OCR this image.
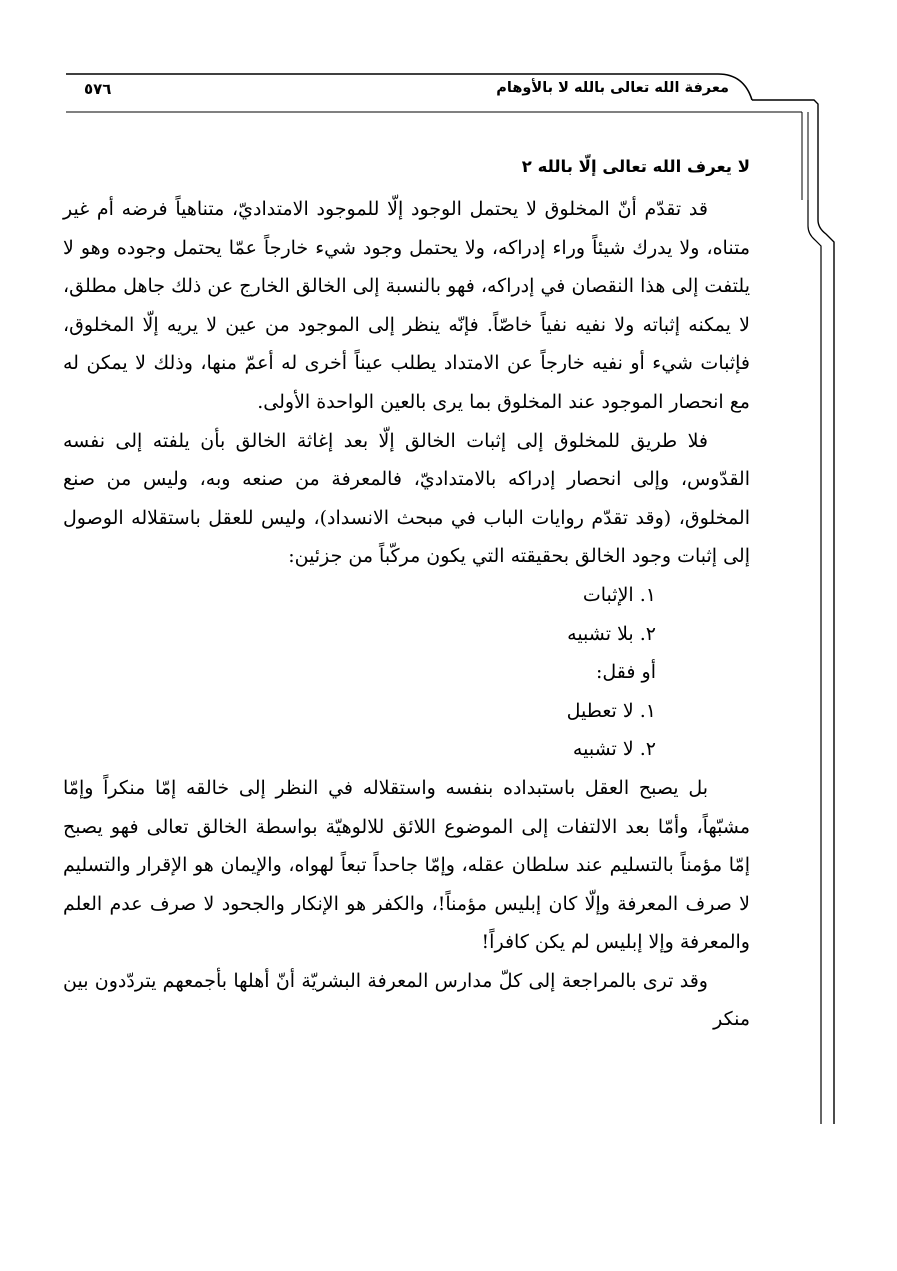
معرفة الله تعالى بالله لا بالأوهام
٥٧٦
لا يعرف الله تعالى إلّا بالله ٢

قد تقدّم أنّ المخلوق لا يحتمل الوجود إلّا للموجود الامتداديّ، متناهياً فرضه أم غير متناه، ولا يدرك شيئاً وراء إدراكه، ولا يحتمل وجود شيء خارجاً عمّا يحتمل وجوده وهو لا يلتفت إلى هذا النقصان في إدراكه، فهو بالنسبة إلى الخالق الخارج عن ذلك جاهل مطلق، لا يمكنه إثباته ولا نفيه نفياً خاصّاً. فإنّه ينظر إلى الموجود من عين لا يريه إلّا المخلوق، فإثبات شيء أو نفيه خارجاً عن الامتداد يطلب عيناً أخرى له أعمّ منها، وذلك لا يمكن له مع انحصار الموجود عند المخلوق بما يرى بالعين الواحدة الأولى.

فلا طريق للمخلوق إلى إثبات الخالق إلّا بعد إغاثة الخالق بأن يلفته إلى نفسه القدّوس، وإلى انحصار إدراكه بالامتداديّ، فالمعرفة من صنعه وبه، وليس من صنع المخلوق، (وقد تقدّم روايات الباب في مبحث الانسداد)، وليس للعقل باستقلاله الوصول إلى إثبات وجود الخالق بحقيقته التي يكون مركّباً من جزئين:

١. الإثبات

٢. بلا تشبيه

أو فقل:

١. لا تعطيل

٢. لا تشبيه

بل يصبح العقل باستبداده بنفسه واستقلاله في النظر إلى خالقه إمّا منكراً وإمّا مشبّهاً، وأمّا بعد الالتفات إلى الموضوع اللائق للالوهيّة بواسطة الخالق تعالى فهو يصبح إمّا مؤمناً بالتسليم عند سلطان عقله، وإمّا جاحداً تبعاً لهواه، والإيمان هو الإقرار والتسليم لا صرف المعرفة وإلّا كان إبليس مؤمناً!، والكفر هو الإنكار والجحود لا صرف عدم العلم والمعرفة وإلا إبليس لم يكن كافراً!

وقد ترى بالمراجعة إلى كلّ مدارس المعرفة البشريّة أنّ أهلها بأجمعهم يتردّدون بين منكر
